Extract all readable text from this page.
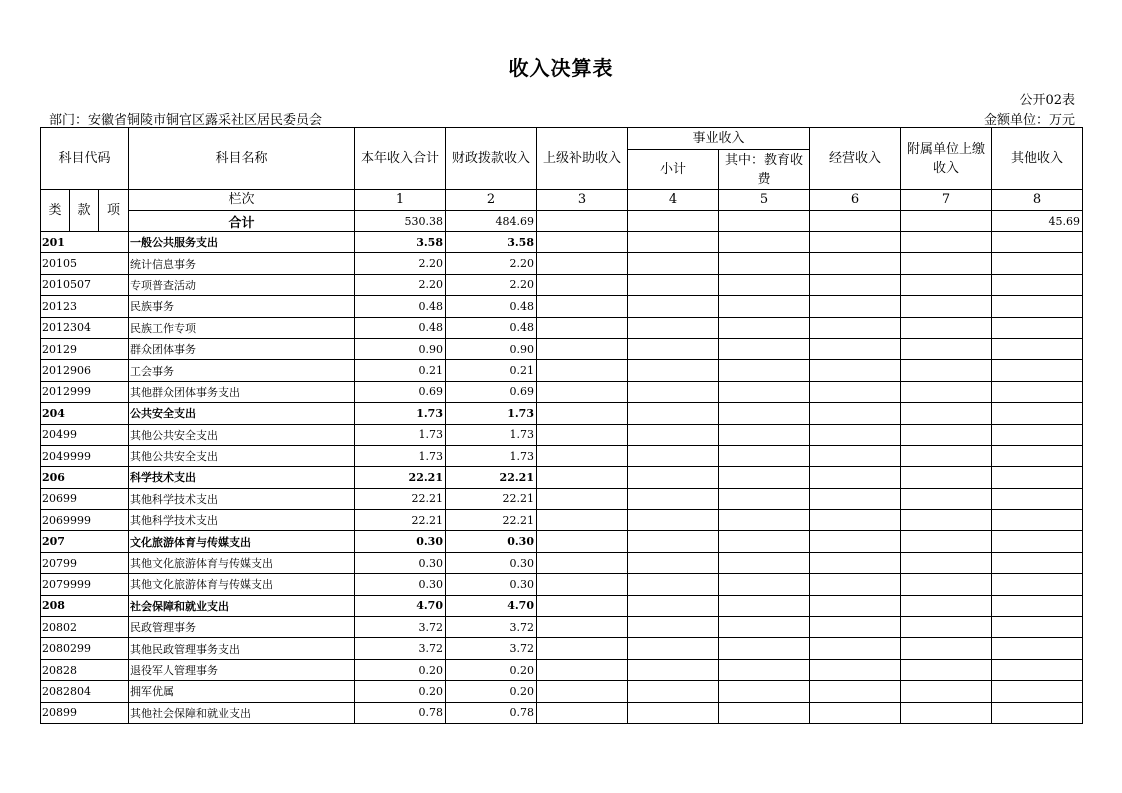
收入决算表
公开02表
部门：安徽省铜陵市铜官区露采社区居民委员会	金额单位：万元
科目代码			科目名称	本年收入合计	财政拨款收入	上级补助收入	事业收入		经营收入	附属单位上缴收入	其他收入
							小计	其中：教育收费			
类	款	项	栏次	1	2	3	4	5	6	7	8
			合计	530.38	484.69						45.69
201			一般公共服务支出	3.58	3.58						
20105			统计信息事务	2.20	2.20						
2010507			专项普查活动	2.20	2.20						
20123			民族事务	0.48	0.48						
2012304			民族工作专项	0.48	0.48						
20129			群众团体事务	0.90	0.90						
2012906			工会事务	0.21	0.21						
2012999			其他群众团体事务支出	0.69	0.69						
204			公共安全支出	1.73	1.73						
20499			其他公共安全支出	1.73	1.73						
2049999			其他公共安全支出	1.73	1.73						
206			科学技术支出	22.21	22.21						
20699			其他科学技术支出	22.21	22.21						
2069999			其他科学技术支出	22.21	22.21						
207			文化旅游体育与传媒支出	0.30	0.30						
20799			其他文化旅游体育与传媒支出	0.30	0.30						
2079999			其他文化旅游体育与传媒支出	0.30	0.30						
208			社会保障和就业支出	4.70	4.70						
20802			民政管理事务	3.72	3.72						
2080299			其他民政管理事务支出	3.72	3.72						
20828			退役军人管理事务	0.20	0.20						
2082804			拥军优属	0.20	0.20						
20899			其他社会保障和就业支出	0.78	0.78						
